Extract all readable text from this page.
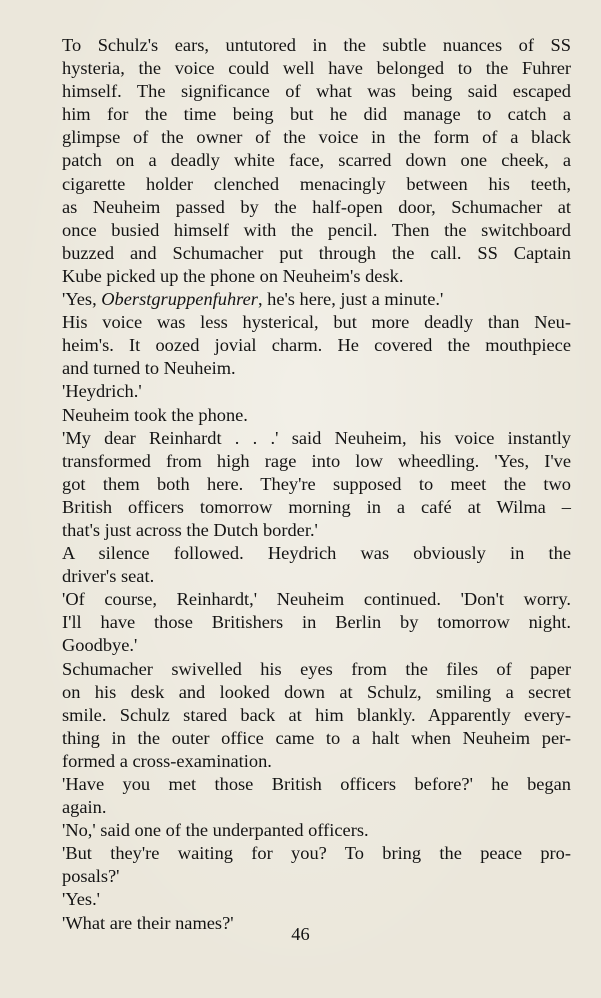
To Schulz's ears, untutored in the subtle nuances of SS
hysteria, the voice could well have belonged to the Fuhrer
himself. The significance of what was being said escaped
him for the time being but he did manage to catch a
glimpse of the owner of the voice in the form of a black
patch on a deadly white face, scarred down one cheek, a
cigarette holder clenched menacingly between his teeth,
as Neuheim passed by the half-open door, Schumacher at
once busied himself with the pencil. Then the switchboard
buzzed and Schumacher put through the call. SS Captain
Kube picked up the phone on Neuheim's desk.

'Yes, Oberstgruppenfuhrer, he's here, just a minute.'

His voice was less hysterical, but more deadly than Neu-
heim's. It oozed jovial charm. He covered the mouthpiece
and turned to Neuheim.

'Heydrich.'

Neuheim took the phone.

'My dear Reinhardt . . .' said Neuheim, his voice instantly
transformed from high rage into low wheedling. 'Yes, I've
got them both here. They're supposed to meet the two
British officers tomorrow morning in a café at Wilma –
that's just across the Dutch border.'

A silence followed. Heydrich was obviously in the
driver's seat.

'Of course, Reinhardt,' Neuheim continued. 'Don't worry.
I'll have those Britishers in Berlin by tomorrow night.
Goodbye.'

Schumacher swivelled his eyes from the files of paper
on his desk and looked down at Schulz, smiling a secret
smile. Schulz stared back at him blankly. Apparently every-
thing in the outer office came to a halt when Neuheim per-
formed a cross-examination.

'Have you met those British officers before?' he began
again.

'No,' said one of the underpanted officers.

'But they're waiting for you? To bring the peace pro-
posals?'

'Yes.'

'What are their names?'

46
